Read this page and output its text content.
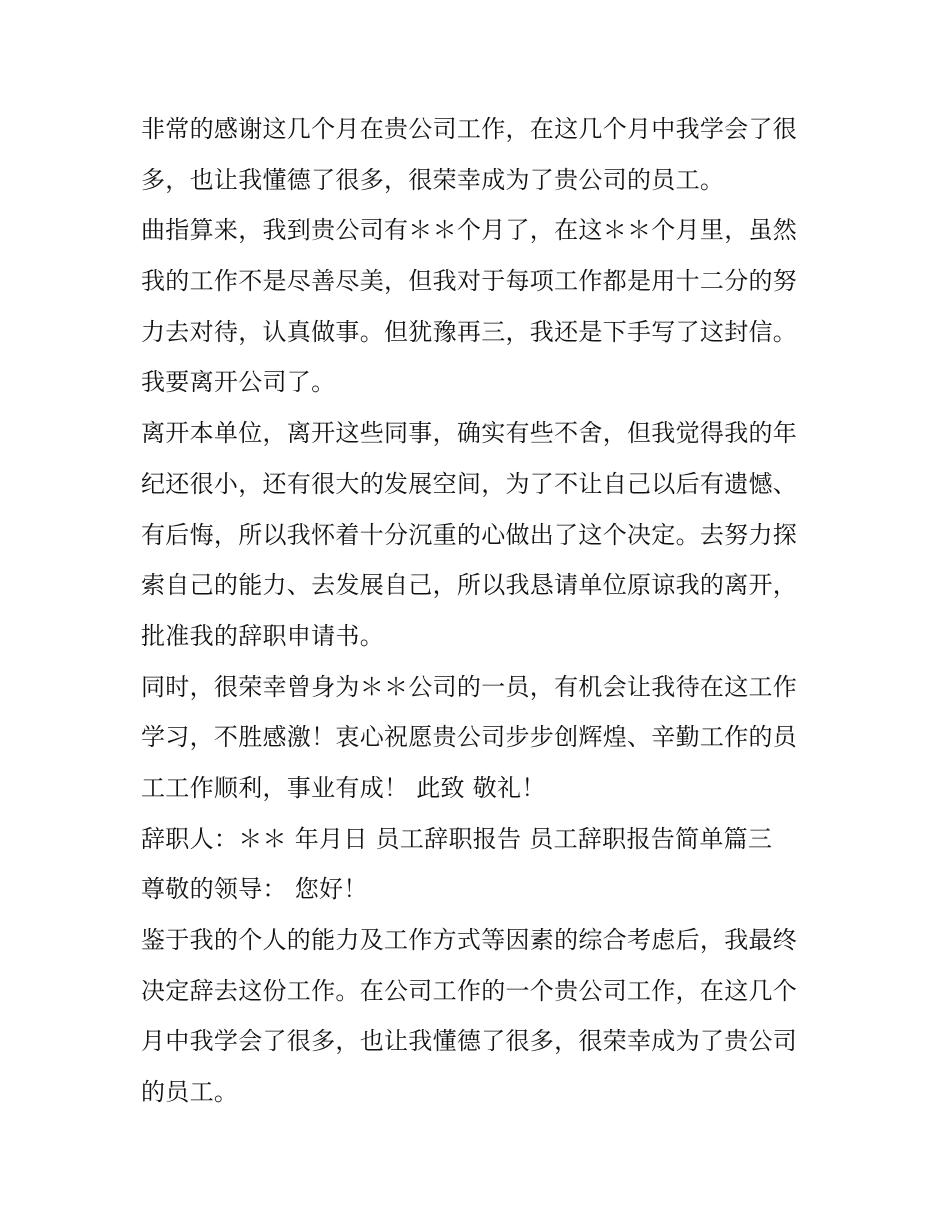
非常的感谢这几个月在贵公司工作，在这几个月中我学会了很
多，也让我懂德了很多，很荣幸成为了贵公司的员工。
曲指算来，我到贵公司有＊＊个月了，在这＊＊个月里，虽然
我的工作不是尽善尽美，但我对于每项工作都是用十二分的努
力去对待，认真做事。但犹豫再三，我还是下手写了这封信。
我要离开公司了。
离开本单位，离开这些同事，确实有些不舍，但我觉得我的年
纪还很小，还有很大的发展空间，为了不让自己以后有遗憾、
有后悔，所以我怀着十分沉重的心做出了这个决定。去努力探
索自己的能力、去发展自己，所以我恳请单位原谅我的离开，
批准我的辞职申请书。
同时，很荣幸曾身为＊＊公司的一员，有机会让我待在这工作
学习，不胜感激！衷心祝愿贵公司步步创辉煌、辛勤工作的员
工工作顺利，事业有成！ 此致 敬礼！
辞职人：＊＊ 年月日 员工辞职报告 员工辞职报告简单篇三
尊敬的领导： 您好！
鉴于我的个人的能力及工作方式等因素的综合考虑后，我最终
决定辞去这份工作。在公司工作的一个贵公司工作，在这几个
月中我学会了很多，也让我懂德了很多，很荣幸成为了贵公司
的员工。
